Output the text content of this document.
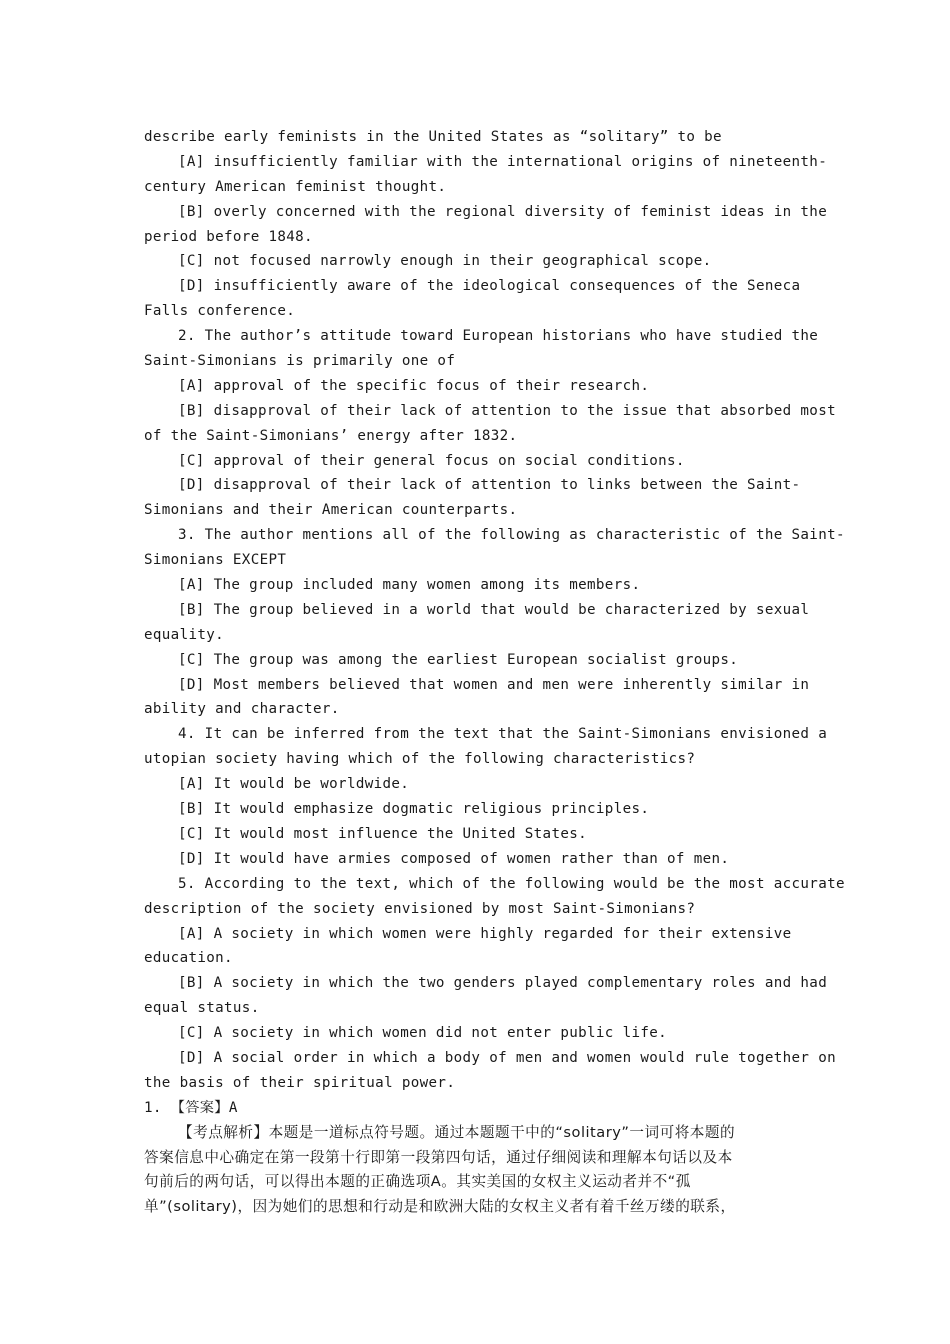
describe early feminists in the United States as “solitary” to be
[A] insufficiently familiar with the international origins of nineteenth-
century American feminist thought.
[B] overly concerned with the regional diversity of feminist ideas in the
period before 1848.
[C] not focused narrowly enough in their geographical scope.
[D] insufficiently aware of the ideological consequences of the Seneca
Falls conference.
2. The author’s attitude toward European historians who have studied the
Saint-Simonians is primarily one of
[A] approval of the specific focus of their research.
[B] disapproval of their lack of attention to the issue that absorbed most
of the Saint-Simonians’ energy after 1832.
[C] approval of their general focus on social conditions.
[D] disapproval of their lack of attention to links between the Saint-
Simonians and their American counterparts.
3. The author mentions all of the following as characteristic of the Saint-
Simonians EXCEPT
[A] The group included many women among its members.
[B] The group believed in a world that would be characterized by sexual
equality.
[C] The group was among the earliest European socialist groups.
[D] Most members believed that women and men were inherently similar in
ability and character.
4. It can be inferred from the text that the Saint-Simonians envisioned a
utopian society having which of the following characteristics?
[A] It would be worldwide.
[B] It would emphasize dogmatic religious principles.
[C] It would most influence the United States.
[D] It would have armies composed of women rather than of men.
5. According to the text, which of the following would be the most accurate
description of the society envisioned by most Saint-Simonians?
[A] A society in which women were highly regarded for their extensive
education.
[B] A society in which the two genders played complementary roles and had
equal status.
[C] A society in which women did not enter public life.
[D] A social order in which a body of men and women would rule together on
the basis of their spiritual power.
1. 【答案】A
【考点解析】本题是一道标点符号题。通过本题题干中的“solitary”一词可将本题的
答案信息中心确定在第一段第十行即第一段第四句话，通过仔细阅读和理解本句话以及本
句前后的两句话，可以得出本题的正确选项A。其实美国的女权主义运动者并不“孤
单”(solitary)，因为她们的思想和行动是和欧洲大陆的女权主义者有着千丝万缕的联系，
